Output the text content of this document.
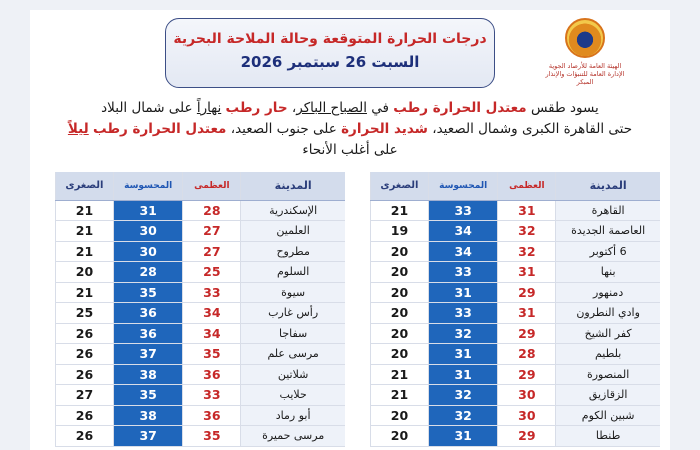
درجات الحرارة المتوقعة وحالة الملاحة البحرية
السبت 26 سبتمبر 2026	الهيئة العامة للأرصاد الجوية
الإدارة العامة للتنبؤات والإنذار المبكر
يسود طقس معتدل الحرارة رطب في الصباح الباكر، حار رطب نهاراً على شمال البلاد
حتى القاهرة الكبرى وشمال الصعيد، شديد الحرارة على جنوب الصعيد، معتدل الحرارة رطب ليلاً
على أغلب الأنحاء
المدينة	العظمى	المحسوسة	الصغرى
القاهرة	31	33	21
العاصمة الجديدة	32	34	19
6 أكتوبر	32	34	20
بنها	31	33	20
دمنهور	29	31	20
وادي النطرون	31	33	20
كفر الشيخ	29	32	20
بلطيم	28	31	20
المنصورة	29	31	21
الزقازيق	30	32	21
شبين الكوم	30	32	20
طنطا	29	31	20
المدينة	العظمى	المحسوسة	الصغرى
الإسكندرية	28	31	21
العلمين	27	30	21
مطروح	27	30	21
السلوم	25	28	20
سيوة	33	35	21
رأس غارب	34	36	25
سفاجا	34	36	26
مرسى علم	35	37	26
شلاتين	36	38	26
حلايب	33	35	27
أبو رماد	36	38	26
مرسى حميرة	35	37	26
